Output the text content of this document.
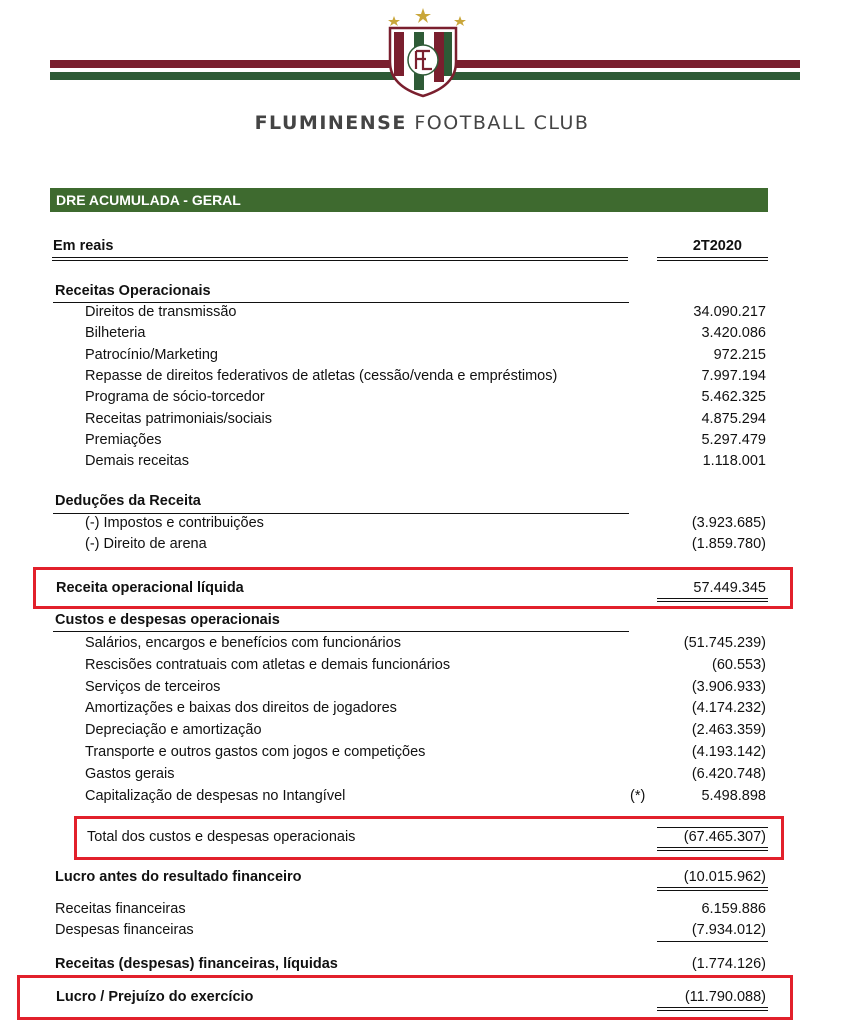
FLUMINENSE FOOTBALL CLUB
DRE ACUMULADA - GERAL
Em reais	2T2020
Receitas Operacionais
Direitos de transmissão	34.090.217
Bilheteria	3.420.086
Patrocínio/Marketing	972.215
Repasse de direitos federativos de atletas (cessão/venda e empréstimos)	7.997.194
Programa de sócio-torcedor	5.462.325
Receitas patrimoniais/sociais	4.875.294
Premiações	5.297.479
Demais receitas	1.118.001
Deduções da Receita
(-) Impostos e contribuições	(3.923.685)
(-) Direito de arena	(1.859.780)
Receita operacional líquida	57.449.345
Custos e despesas operacionais
Salários, encargos e benefícios com funcionários	(51.745.239)
Rescisões contratuais com atletas e demais funcionários	(60.553)
Serviços de terceiros	(3.906.933)
Amortizações e baixas dos direitos de jogadores	(4.174.232)
Depreciação e amortização	(2.463.359)
Transporte e outros gastos com jogos e competições	(4.193.142)
Gastos gerais	(6.420.748)
Capitalização de despesas no Intangível	(*)	5.498.898
Total dos custos e despesas operacionais	(67.465.307)
Lucro antes do resultado financeiro	(10.015.962)
Receitas financeiras	6.159.886
Despesas financeiras	(7.934.012)
Receitas (despesas) financeiras, líquidas	(1.774.126)
Lucro / Prejuízo do exercício	(11.790.088)
